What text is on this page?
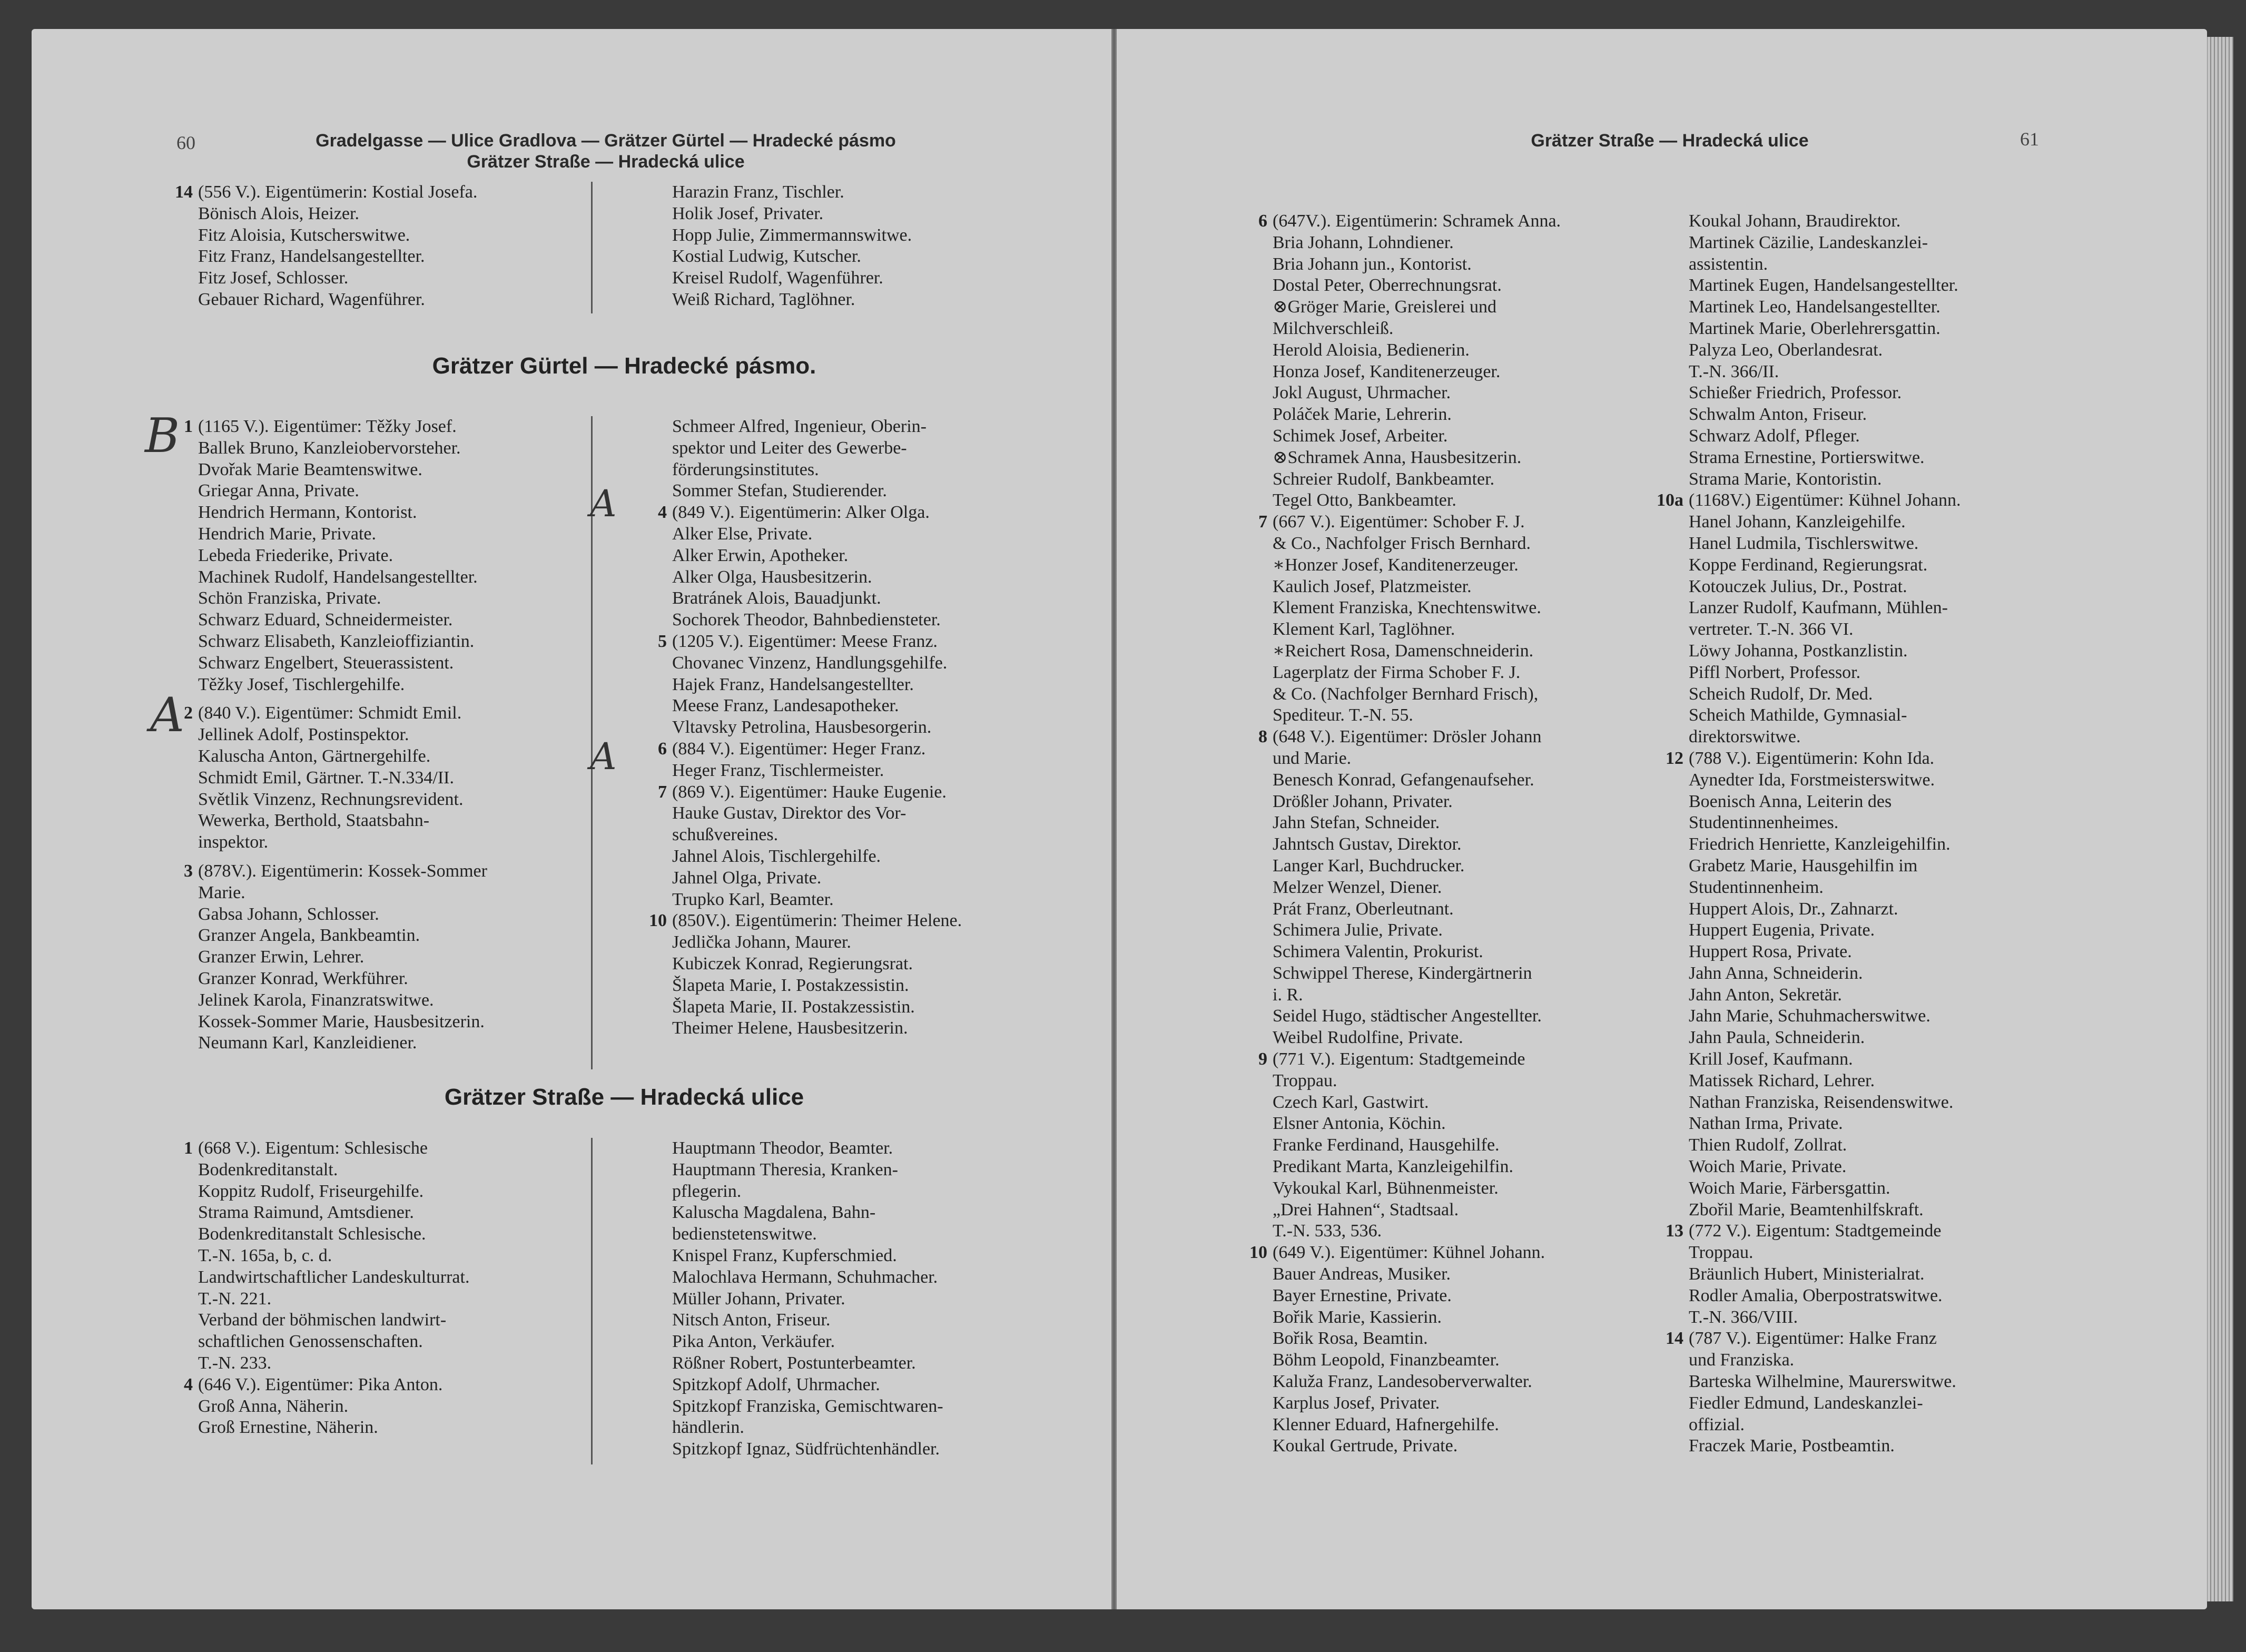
60	Gradelgasse — Ulice Gradlova — Grätzer Gürtel — Hradecké pásmo
Grätzer Straße — Hradecká ulice
14 (556 V.). Eigentümerin: Kostial Josefa.
Bönisch Alois, Heizer.
Fitz Aloisia, Kutscherswitwe.
Fitz Franz, Handelsangestellter.
Fitz Josef, Schlosser.
Gebauer Richard, Wagenführer.
Harazin Franz, Tischler.
Holik Josef, Privater.
Hopp Julie, Zimmermannswitwe.
Kostial Ludwig, Kutscher.
Kreisel Rudolf, Wagenführer.
Weiß Richard, Taglöhner.
Grätzer Gürtel — Hradecké pásmo.
1 (1165 V.). Eigentümer: Těžky Josef.
Ballek Bruno, Kanzleiobervorsteher.
Dvořak Marie Beamtenswitwe.
Griegar Anna, Private.
Hendrich Hermann, Kontorist.
Hendrich Marie, Private.
Lebeda Friederike, Private.
Machinek Rudolf, Handelsangestellter.
Schön Franziska, Private.
Schwarz Eduard, Schneidermeister.
Schwarz Elisabeth, Kanzleioffiziantin.
Schwarz Engelbert, Steuerassistent.
Těžky Josef, Tischlergehilfe.
2 (840 V.). Eigentümer: Schmidt Emil.
Jellinek Adolf, Postinspektor.
Kaluscha Anton, Gärtnergehilfe.
Schmidt Emil, Gärtner. T.-N.334/II.
Světlik Vinzenz, Rechnungsrevident.
Wewerka, Berthold, Staatsbahn-
inspektor.
3 (878V.). Eigentümerin: Kossek-Sommer
Marie.
Gabsa Johann, Schlosser.
Granzer Angela, Bankbeamtin.
Granzer Erwin, Lehrer.
Granzer Konrad, Werkführer.
Jelinek Karola, Finanzratswitwe.
Kossek-Sommer Marie, Hausbesitzerin.
Neumann Karl, Kanzleidiener.
Schmeer Alfred, Ingenieur, Oberin-
spektor und Leiter des Gewerbe-
förderungsinstitutes.
Sommer Stefan, Studierender.
4 (849 V.). Eigentümerin: Alker Olga.
Alker Else, Private.
Alker Erwin, Apotheker.
Alker Olga, Hausbesitzerin.
Bratránek Alois, Bauadjunkt.
Sochorek Theodor, Bahnbediensteter.
5 (1205 V.). Eigentümer: Meese Franz.
Chovanec Vinzenz, Handlungsgehilfe.
Hajek Franz, Handelsangestellter.
Meese Franz, Landesapotheker.
Vltavsky Petrolina, Hausbesorgerin.
6 (884 V.). Eigentümer: Heger Franz.
Heger Franz, Tischlermeister.
7 (869 V.). Eigentümer: Hauke Eugenie.
Hauke Gustav, Direktor des Vor-
schußvereines.
Jahnel Alois, Tischlergehilfe.
Jahnel Olga, Private.
Trupko Karl, Beamter.
10 (850V.). Eigentümerin: Theimer Helene.
Jedlička Johann, Maurer.
Kubiczek Konrad, Regierungsrat.
Šlapeta Marie, I. Postakzessistin.
Šlapeta Marie, II. Postakzessistin.
Theimer Helene, Hausbesitzerin.
Grätzer Straße — Hradecká ulice
1 (668 V.). Eigentum: Schlesische
Bodenkreditanstalt.
Koppitz Rudolf, Friseurgehilfe.
Strama Raimund, Amtsdiener.
Bodenkreditanstalt Schlesische.
T.-N. 165a, b, c. d.
Landwirtschaftlicher Landeskulturrat.
T.-N. 221.
Verband der böhmischen landwirt-
schaftlichen Genossenschaften.
T.-N. 233.
4 (646 V.). Eigentümer: Pika Anton.
Groß Anna, Näherin.
Groß Ernestine, Näherin.
Hauptmann Theodor, Beamter.
Hauptmann Theresia, Kranken-
pflegerin.
Kaluscha Magdalena, Bahn-
bedienstetenswitwe.
Knispel Franz, Kupferschmied.
Malochlava Hermann, Schuhmacher.
Müller Johann, Privater.
Nitsch Anton, Friseur.
Pika Anton, Verkäufer.
Rößner Robert, Postunterbeamter.
Spitzkopf Adolf, Uhrmacher.
Spitzkopf Franziska, Gemischtwaren-
händlerin.
Spitzkopf Ignaz, Südfrüchtenhändler.
B
A
A
A
Grätzer Straße — Hradecká ulice	61
6 (647V.). Eigentümerin: Schramek Anna.
Bria Johann, Lohndiener.
Bria Johann jun., Kontorist.
Dostal Peter, Oberrechnungsrat.
⊗Gröger Marie, Greislerei und
Milchverschleiß.
Herold Aloisia, Bedienerin.
Honza Josef, Kanditenerzeuger.
Jokl August, Uhrmacher.
Poláček Marie, Lehrerin.
Schimek Josef, Arbeiter.
⊗Schramek Anna, Hausbesitzerin.
Schreier Rudolf, Bankbeamter.
Tegel Otto, Bankbeamter.
7 (667 V.). Eigentümer: Schober F. J.
& Co., Nachfolger Frisch Bernhard.
∗Honzer Josef, Kanditenerzeuger.
Kaulich Josef, Platzmeister.
Klement Franziska, Knechtenswitwe.
Klement Karl, Taglöhner.
∗Reichert Rosa, Damenschneiderin.
Lagerplatz der Firma Schober F. J.
& Co. (Nachfolger Bernhard Frisch),
Spediteur. T.-N. 55.
8 (648 V.). Eigentümer: Drösler Johann
und Marie.
Benesch Konrad, Gefangenaufseher.
Drößler Johann, Privater.
Jahn Stefan, Schneider.
Jahntsch Gustav, Direktor.
Langer Karl, Buchdrucker.
Melzer Wenzel, Diener.
Prát Franz, Oberleutnant.
Schimera Julie, Private.
Schimera Valentin, Prokurist.
Schwippel Therese, Kindergärtnerin
i. R.
Seidel Hugo, städtischer Angestellter.
Weibel Rudolfine, Private.
9 (771 V.). Eigentum: Stadtgemeinde
Troppau.
Czech Karl, Gastwirt.
Elsner Antonia, Köchin.
Franke Ferdinand, Hausgehilfe.
Predikant Marta, Kanzleigehilfin.
Vykoukal Karl, Bühnenmeister.
„Drei Hahnen“, Stadtsaal.
T.-N. 533, 536.
10 (649 V.). Eigentümer: Kühnel Johann.
Bauer Andreas, Musiker.
Bayer Ernestine, Private.
Bořik Marie, Kassierin.
Bořik Rosa, Beamtin.
Böhm Leopold, Finanzbeamter.
Kaluža Franz, Landesoberverwalter.
Karplus Josef, Privater.
Klenner Eduard, Hafnergehilfe.
Koukal Gertrude, Private.
Koukal Johann, Braudirektor.
Martinek Cäzilie, Landeskanzlei-
assistentin.
Martinek Eugen, Handelsangestellter.
Martinek Leo, Handelsangestellter.
Martinek Marie, Oberlehrersgattin.
Palyza Leo, Oberlandesrat.
T.-N. 366/II.
Schießer Friedrich, Professor.
Schwalm Anton, Friseur.
Schwarz Adolf, Pfleger.
Strama Ernestine, Portierswitwe.
Strama Marie, Kontoristin.
10a (1168V.) Eigentümer: Kühnel Johann.
Hanel Johann, Kanzleigehilfe.
Hanel Ludmila, Tischlerswitwe.
Koppe Ferdinand, Regierungsrat.
Kotouczek Julius, Dr., Postrat.
Lanzer Rudolf, Kaufmann, Mühlen-
vertreter. T.-N. 366 VI.
Löwy Johanna, Postkanzlistin.
Piffl Norbert, Professor.
Scheich Rudolf, Dr. Med.
Scheich Mathilde, Gymnasial-
direktorswitwe.
12 (788 V.). Eigentümerin: Kohn Ida.
Aynedter Ida, Forstmeisterswitwe.
Boenisch Anna, Leiterin des
Studentinnenheimes.
Friedrich Henriette, Kanzleigehilfin.
Grabetz Marie, Hausgehilfin im
Studentinnenheim.
Huppert Alois, Dr., Zahnarzt.
Huppert Eugenia, Private.
Huppert Rosa, Private.
Jahn Anna, Schneiderin.
Jahn Anton, Sekretär.
Jahn Marie, Schuhmacherswitwe.
Jahn Paula, Schneiderin.
Krill Josef, Kaufmann.
Matissek Richard, Lehrer.
Nathan Franziska, Reisendenswitwe.
Nathan Irma, Private.
Thien Rudolf, Zollrat.
Woich Marie, Private.
Woich Marie, Färbersgattin.
Zbořil Marie, Beamtenhilfskraft.
13 (772 V.). Eigentum: Stadtgemeinde
Troppau.
Bräunlich Hubert, Ministerialrat.
Rodler Amalia, Oberpostratswitwe.
T.-N. 366/VIII.
14 (787 V.). Eigentümer: Halke Franz
und Franziska.
Barteska Wilhelmine, Maurerswitwe.
Fiedler Edmund, Landeskanzlei-
offizial.
Fraczek Marie, Postbeamtin.
